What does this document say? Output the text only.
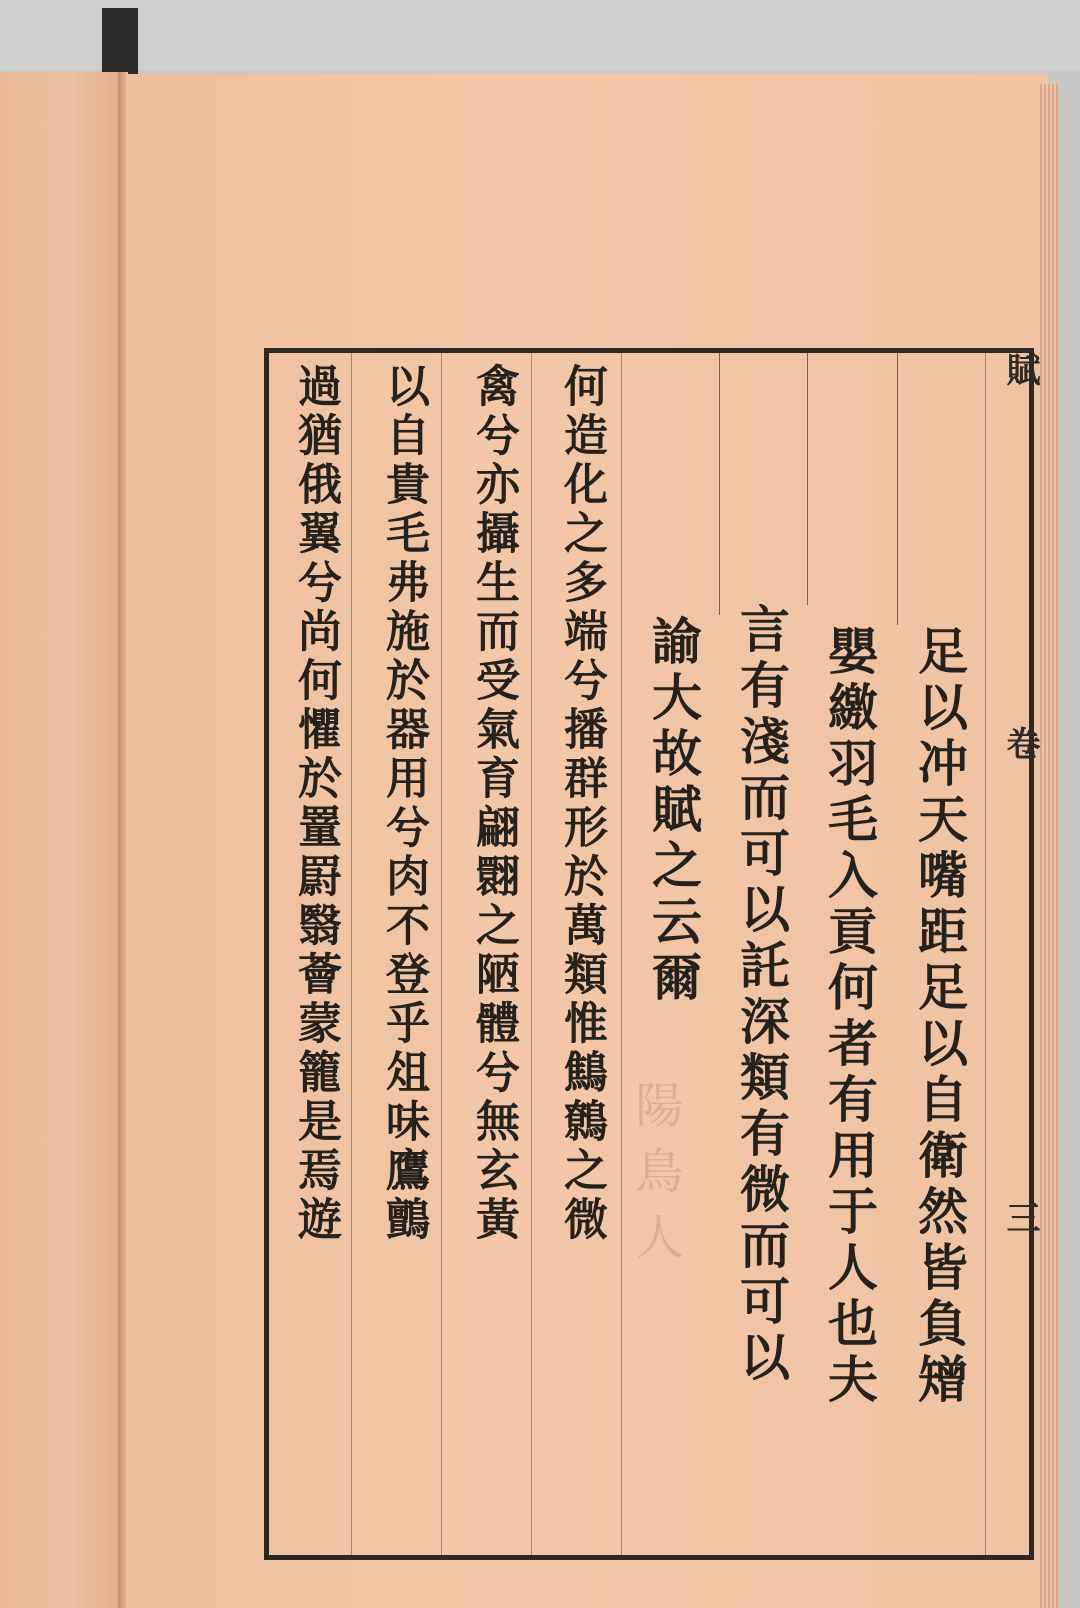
陽鳥人	足以冲天嘴距足以自衛然皆負矰
嬰繳羽毛入貢何者有用于人也夫
言有淺而可以託深類有微而可以
諭大故賦之云爾
何造化之多端兮播群形於萬類惟鷦鷯之微
禽兮亦攝生而受氣育翩翾之陋體兮無玄黃
以自貴毛弗施於器用兮肉不登乎俎味鷹鸇
過猶俄翼兮尚何懼於罿罻翳薈蒙籠是焉遊	賦 卷 三
